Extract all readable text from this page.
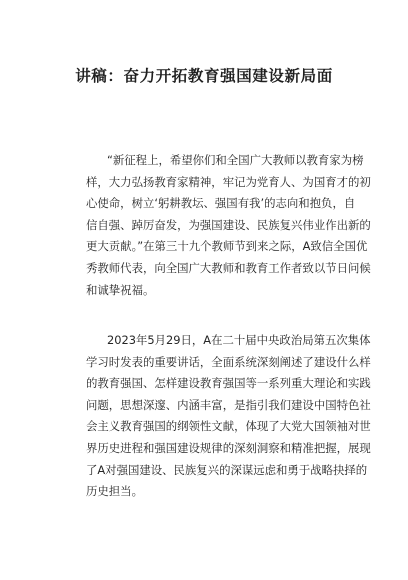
讲稿：奋力开拓教育强国建设新局面
“新征程上，希望你们和全国广大教师以教育家为榜
样，大力弘扬教育家精神，牢记为党育人、为国育才的初
心使命，树立‘躬耕教坛、强国有我’的志向和抱负，自
信自强、踔厉奋发，为强国建设、民族复兴伟业作出新的
更大贡献。”在第三十九个教师节到来之际，A致信全国优
秀教师代表，向全国广大教师和教育工作者致以节日问候
和诚挚祝福。
2023年5月29日，A在二十届中央政治局第五次集体
学习时发表的重要讲话，全面系统深刻阐述了建设什么样
的教育强国、怎样建设教育强国等一系列重大理论和实践
问题，思想深邃、内涵丰富，是指引我们建设中国特色社
会主义教育强国的纲领性文献，体现了大党大国领袖对世
界历史进程和强国建设规律的深刻洞察和精准把握，展现
了A对强国建设、民族复兴的深谋远虑和勇于战略抉择的
历史担当。
